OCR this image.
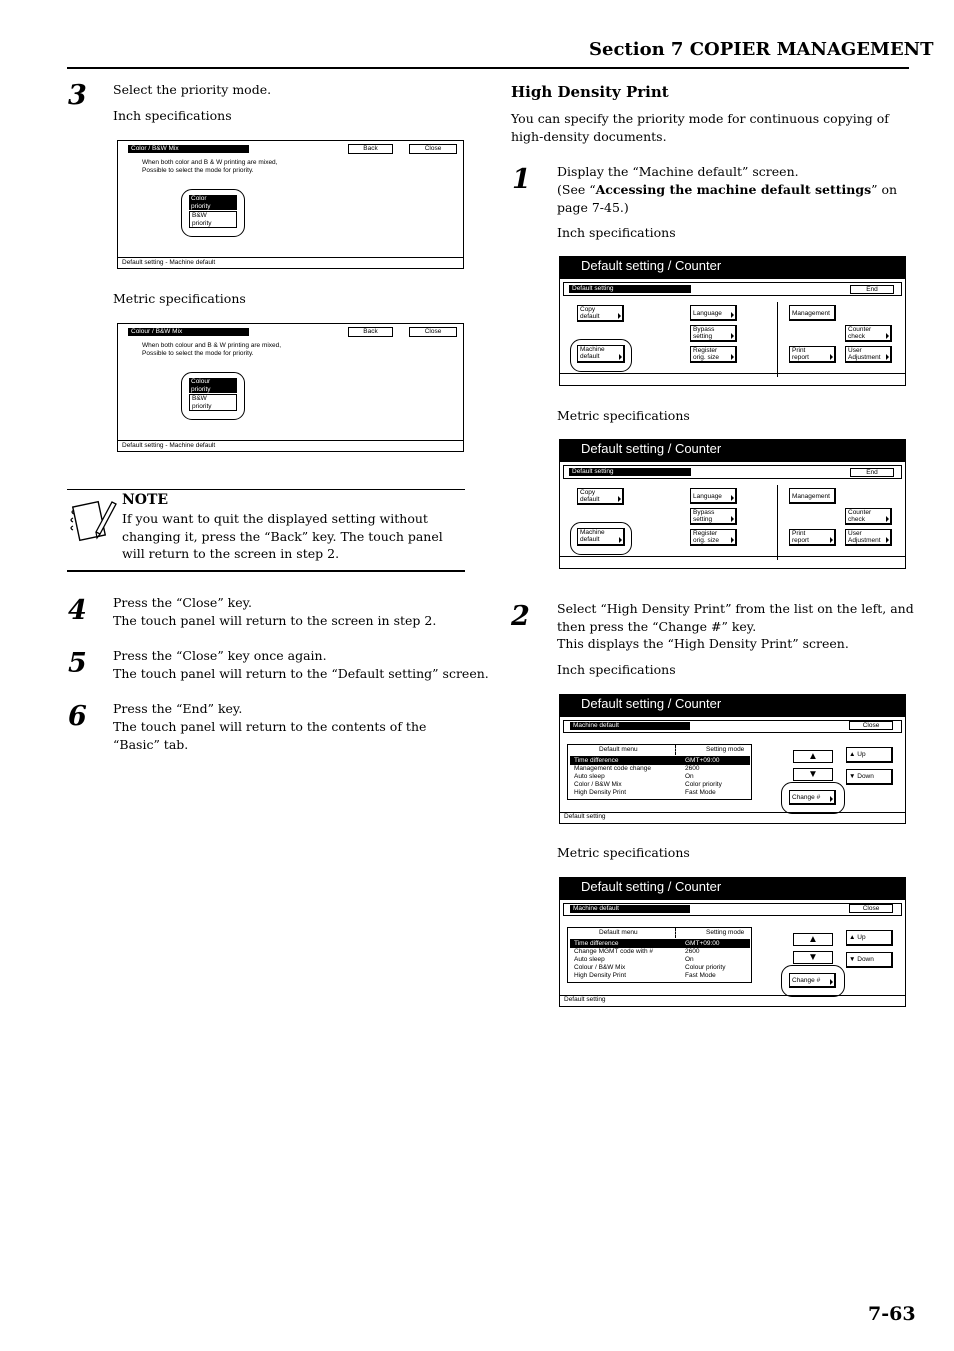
Section 7 COPIER MANAGEMENT
3 Select the priority mode.
Inch specifications
Color / B&W Mix	Back	Close
When both color and B & W printing are mixed,
Possible to select the mode for priority.
Color
priority
B&W
priority
Default setting - Machine default
Metric specifications
Colour / B&W Mix	Back	Close
When both colour and B & W printing are mixed,
Possible to select the mode for priority.
Colour
priority
B&W
priority
Default setting - Machine default
NOTE
If you want to quit the displayed setting without changing it, press the “Back” key. The touch panel will return to the screen in step 2.
4 Press the “Close” key.
The touch panel will return to the screen in step 2.
5 Press the “Close” key once again.
The touch panel will return to the “Default setting” screen.
6 Press the “End” key.
The touch panel will return to the contents of the “Basic” tab.
High Density Print
You can specify the priority mode for continuous copying of high-density documents.
1 Display the “Machine default” screen.
(See “Accessing the machine default settings” on
page 7-45.)
Inch specifications
Default setting / Counter
Default setting	End
Copy
default
Machine
default
Language
Bypass
setting
Register
orig. size
Management
Print
report
Counter
check
User
Adjustment
Metric specifications
Default setting / Counter
Default setting	End
Copy
default
Machine
default
Language
Bypass
setting
Register
orig. size
Management
Print
report
Counter
check
User
Adjustment
2 Select “High Density Print” from the list on the left, and
then press the “Change #” key.
This displays the “High Density Print” screen.
Inch specifications
Default setting / Counter
Machine default	Close
Default menu	Setting mode
Time difference	GMT+09:00
Management code change	2600
Auto sleep	On
Color / B&W Mix	Color priority
High Density Print	Fast Mode
▲
▼
▲ Up
▼ Down
Change #
Default setting
Metric specifications
Default setting / Counter
Machine default	Close
Default menu	Setting mode
Time difference	GMT+09:00
Change MGMT code with #	2600
Auto sleep	On
Colour / B&W Mix	Colour priority
High Density Print	Fast Mode
▲
▼
▲ Up
▼ Down
Change #
Default setting
7-63
